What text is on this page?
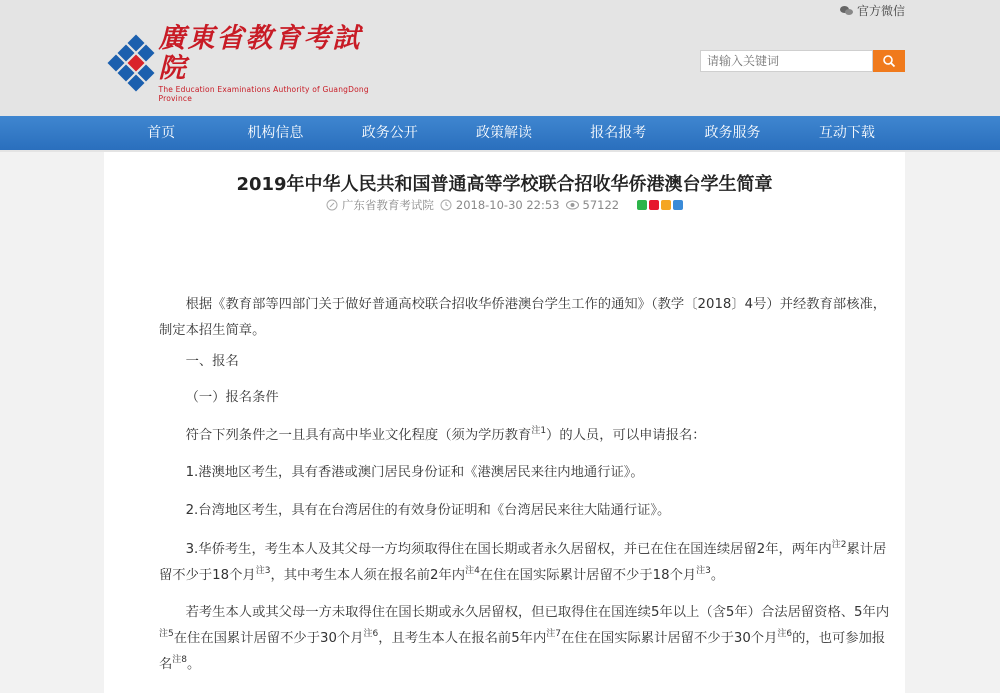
官方微信
廣東省教育考試院
The Education Examinations Authority of GuangDong Province
请输入关键词
首页	机构信息	政务公开	政策解读	报名报考	政务服务	互动下载
2019年中华人民共和国普通高等学校联合招收华侨港澳台学生简章
广东省教育考试院 2018-10-30 22:53 57122

根据《教育部等四部门关于做好普通高校联合招收华侨港澳台学生工作的通知》（教学〔2018〕4号）并经教育部核准，制定本招生简章。

一、报名

（一）报名条件

符合下列条件之一且具有高中毕业文化程度（须为学历教育$^{注1}$）的人员，可以申请报名：

1.港澳地区考生，具有香港或澳门居民身份证和《港澳居民来往内地通行证》。

2.台湾地区考生，具有在台湾居住的有效身份证明和《台湾居民来往大陆通行证》。

3.华侨考生，考生本人及其父母一方均须取得住在国长期或者永久居留权，并已在住在国连续居留2年，两年内$^{注2}$累计居留不少于18个月$^{注3}$，其中考生本人须在报名前2年内$^{注4}$在住在国实际累计居留不少于18个月$^{注3}$。

若考生本人或其父母一方未取得住在国长期或永久居留权，但已取得住在国连续5年以上（含5年）合法居留资格、5年内$^{注5}$在住在国累计居留不少于30个月$^{注6}$，且考生本人在报名前5年内$^{注7}$在住在国实际累计居留不少于30个月$^{注6}$的，也可参加报名$^{注8}$。
